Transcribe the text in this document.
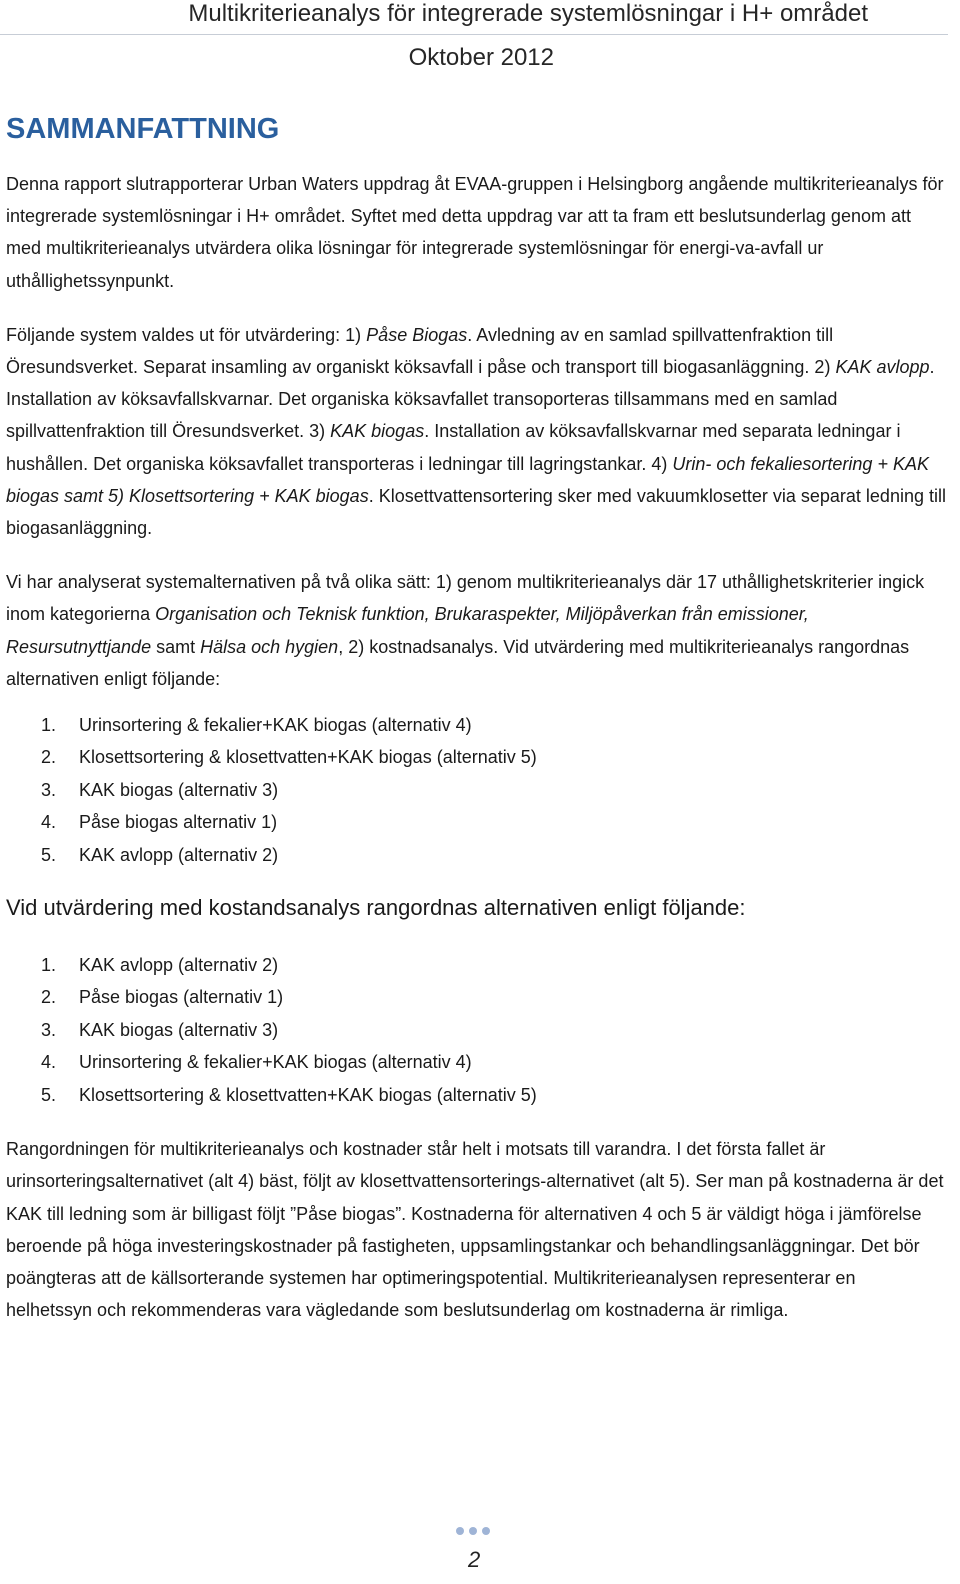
Multikriterieanalys för integrerade systemlösningar i H+ området
Oktober 2012
SAMMANFATTNING

Denna rapport slutrapporterar Urban Waters uppdrag åt EVAA-gruppen i Helsingborg angående multikriterieanalys för integrerade systemlösningar i H+ området. Syftet med detta uppdrag var att ta fram ett beslutsunderlag genom att med multikriterieanalys utvärdera olika lösningar för integrerade systemlösningar för energi-va-avfall ur uthållighetssynpunkt.

Följande system valdes ut för utvärdering: 1) Påse Biogas. Avledning av en samlad spillvattenfraktion till Öresundsverket. Separat insamling av organiskt köksavfall i påse och transport till biogasanläggning. 2) KAK avlopp. Installation av köksavfallskvarnar. Det organiska köksavfallet transoporteras tillsammans med en samlad spillvattenfraktion till Öresundsverket. 3) KAK biogas. Installation av köksavfallskvarnar med separata ledningar i hushållen. Det organiska köksavfallet transporteras i ledningar till lagringstankar. 4) Urin- och fekaliesortering + KAK biogas samt 5) Klosettsortering + KAK biogas. Klosettvattensortering sker med vakuumklosetter via separat ledning till biogasanläggning.

Vi har analyserat systemalternativen på två olika sätt: 1) genom multikriterieanalys där 17 uthållighetskriterier ingick inom kategorierna Organisation och Teknisk funktion, Brukaraspekter, Miljöpåverkan från emissioner, Resursutnyttjande samt Hälsa och hygien, 2) kostnadsanalys. Vid utvärdering med multikriterieanalys rangordnas alternativen enligt följande:

1.	Urinsortering & fekalier+KAK biogas (alternativ 4)
2.	Klosettsortering & klosettvatten+KAK biogas (alternativ 5)
3.	KAK biogas (alternativ 3)
4.	Påse biogas alternativ 1)
5.	KAK avlopp (alternativ 2)
Vid utvärdering med kostandsanalys rangordnas alternativen enligt följande:
1.	KAK avlopp (alternativ 2)
2.	Påse biogas (alternativ 1)
3.	KAK biogas (alternativ 3)
4.	Urinsortering & fekalier+KAK biogas (alternativ 4)
5.	Klosettsortering & klosettvatten+KAK biogas (alternativ 5)

Rangordningen för multikriterieanalys och kostnader står helt i motsats till varandra. I det första fallet är urinsorteringsalternativet (alt 4) bäst, följt av klosettvattensorterings-alternativet (alt 5). Ser man på kostnaderna är det KAK till ledning som är billigast följt ”Påse biogas”. Kostnaderna för alternativen 4 och 5 är väldigt höga i jämförelse beroende på höga investeringskostnader på fastigheten, uppsamlingstankar och behandlingsanläggningar. Det bör poängteras att de källsorterande systemen har optimeringspotential. Multikriterieanalysen representerar en helhetssyn och rekommenderas vara vägledande som beslutsunderlag om kostnaderna är rimliga.

2
